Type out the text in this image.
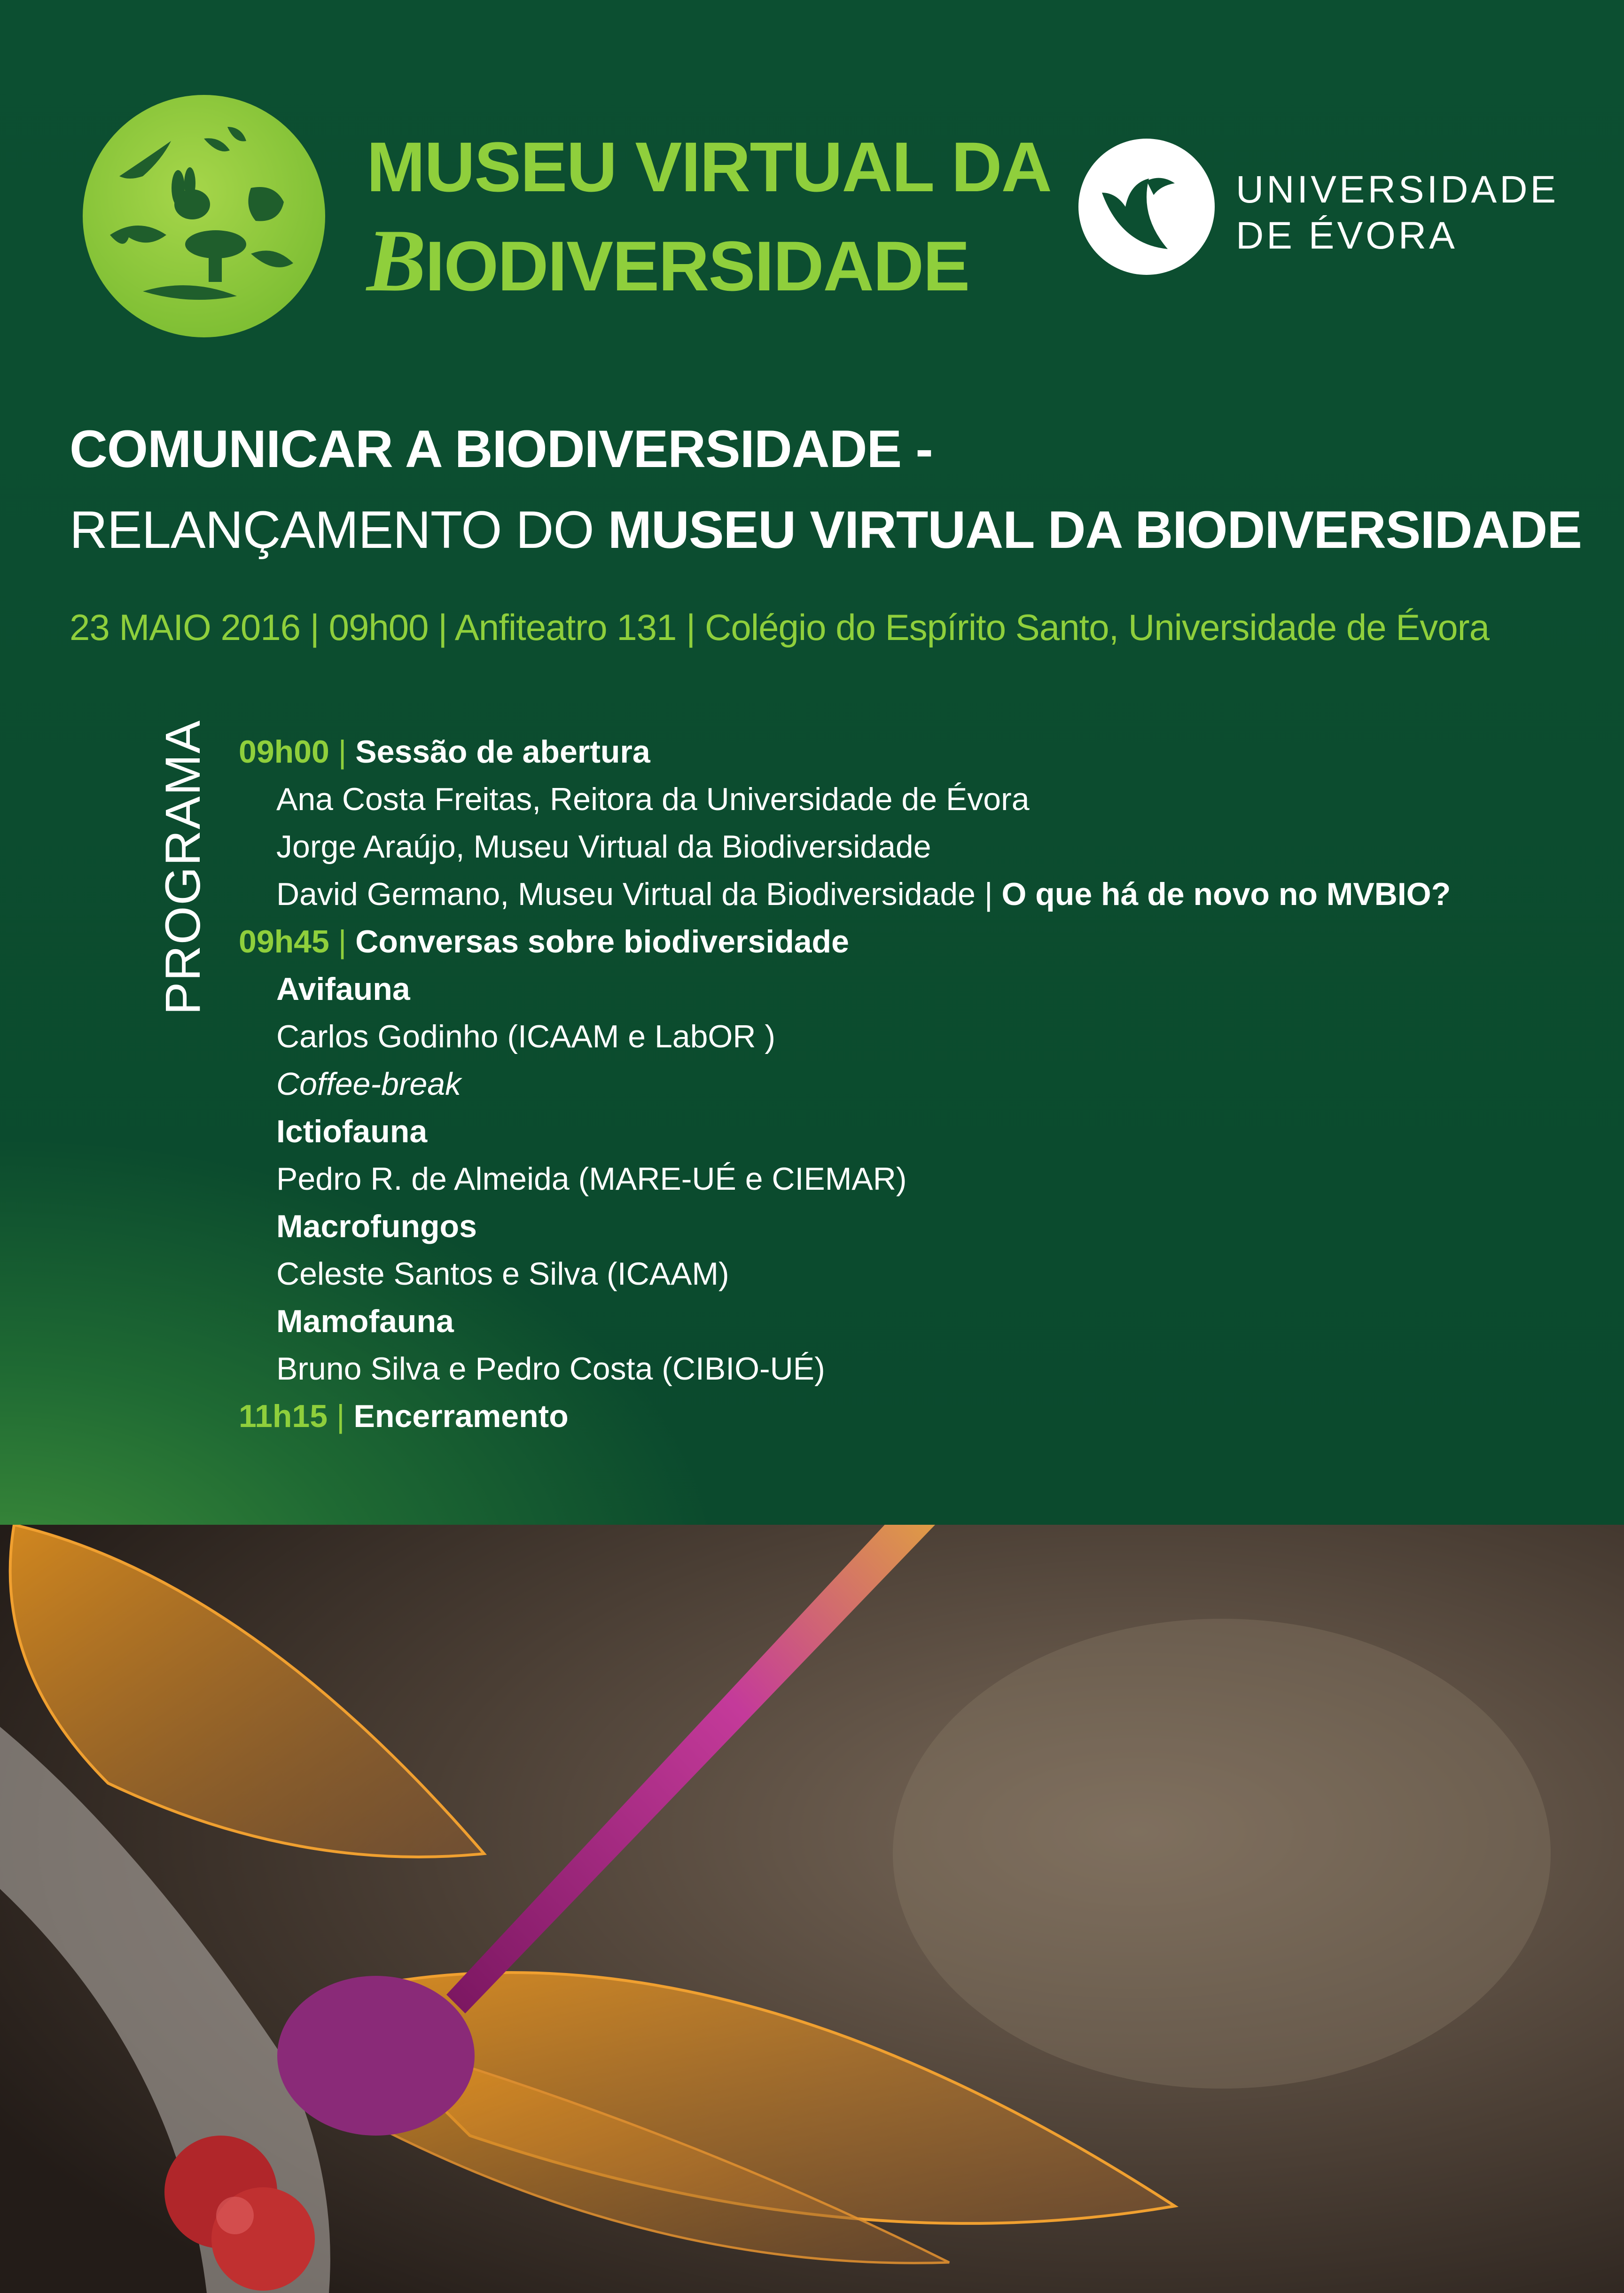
MUSEU VIRTUAL DA
BIODIVERSIDADE
UNIVERSIDADE
DE ÉVORA
COMUNICAR A BIODIVERSIDADE -
RELANÇAMENTO DO MUSEU VIRTUAL DA BIODIVERSIDADE
23 MAIO 2016 | 09h00 | Anfiteatro 131 | Colégio do Espírito Santo, Universidade de Évora
PROGRAMA 09h00 | Sessão de abertura
Ana Costa Freitas, Reitora da Universidade de Évora
Jorge Araújo, Museu Virtual da Biodiversidade
David Germano, Museu Virtual da Biodiversidade | O que há de novo no MVBIO?
09h45 | Conversas sobre biodiversidade
Avifauna
Carlos Godinho (ICAAM e LabOR )
Coffee-break
Ictiofauna
Pedro R. de Almeida (MARE-UÉ e CIEMAR)
Macrofungos
Celeste Santos e Silva (ICAAM)
Mamofauna
Bruno Silva e Pedro Costa (CIBIO-UÉ)
11h15 | Encerramento
